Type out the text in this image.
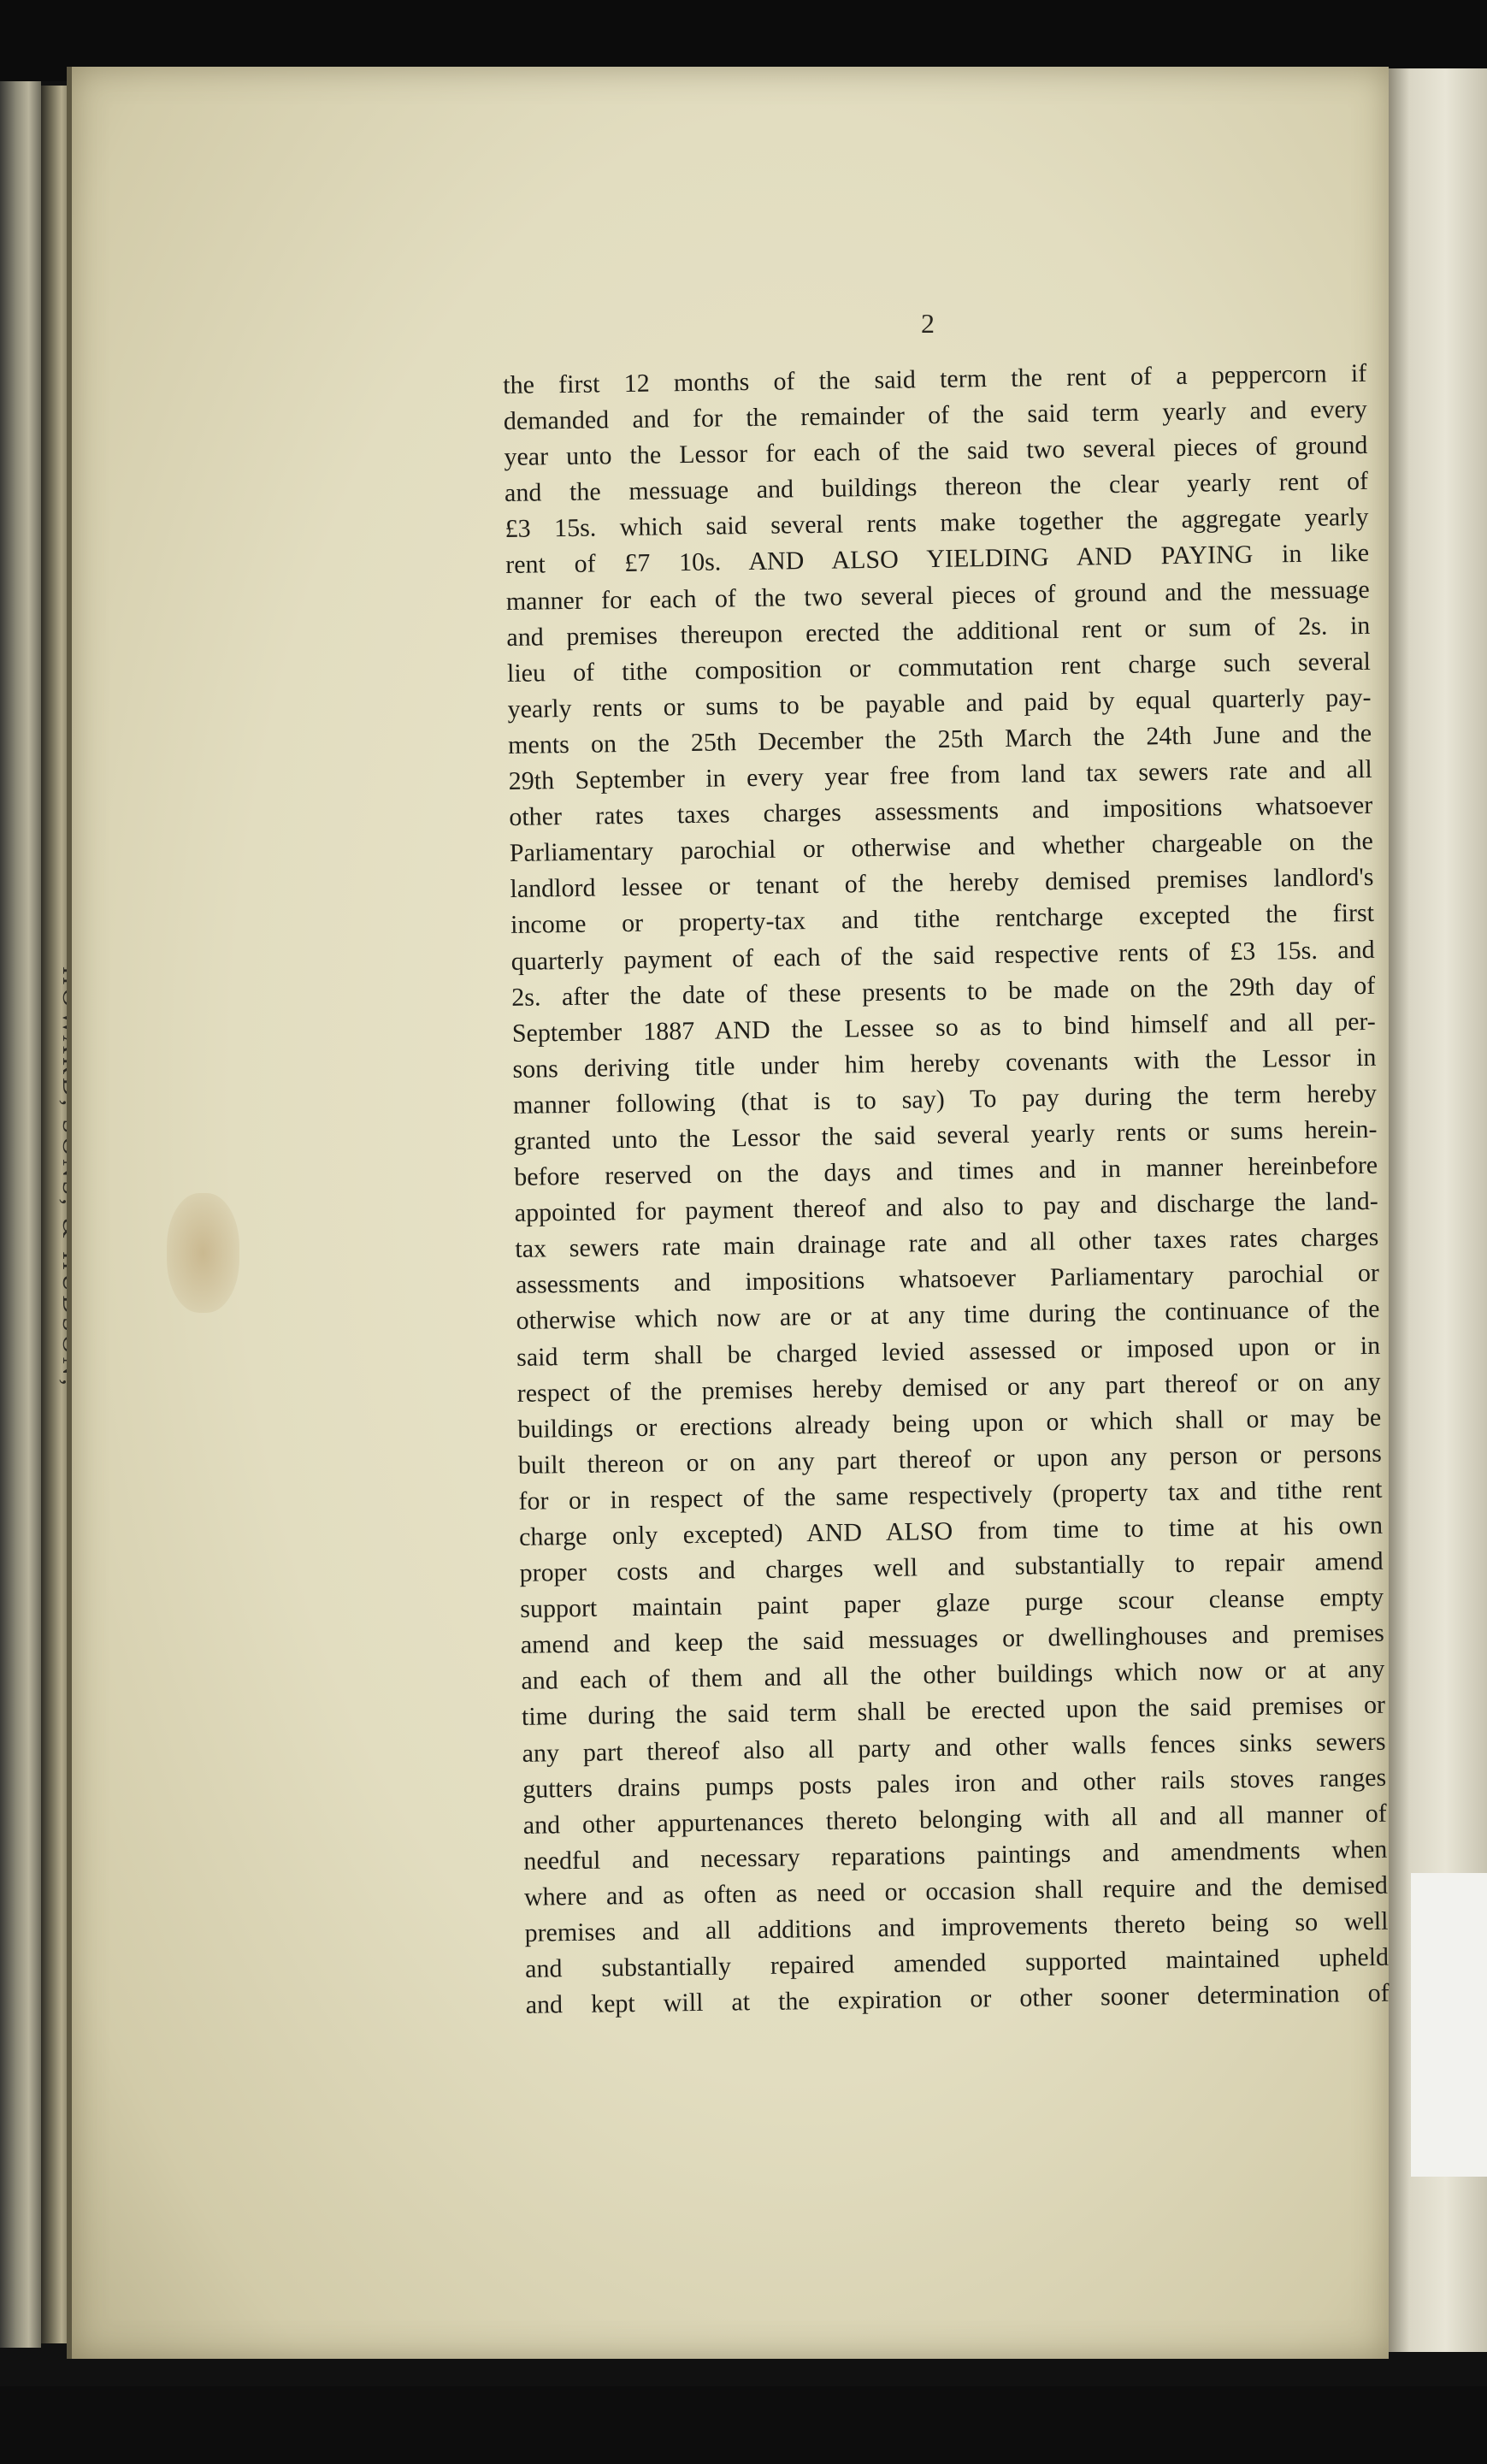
2
the first 12 months of the said term the rent of a peppercorn if
demanded and for the remainder of the said term yearly and every
year unto the Lessor for each of the said two several pieces of ground
and the messuage and buildings thereon the clear yearly rent of
£3 15s. which said several rents make together the aggregate yearly
rent of £7 10s. AND ALSO YIELDING AND PAYING in like
manner for each of the two several pieces of ground and the messuage
and premises thereupon erected the additional rent or sum of 2s. in
lieu of tithe composition or commutation rent charge such several
yearly rents or sums to be payable and paid by equal quarterly pay-
ments on the 25th December the 25th March the 24th June and the
29th September in every year free from land tax sewers rate and all
other rates taxes charges assessments and impositions whatsoever
Parliamentary parochial or otherwise and whether chargeable on the
landlord lessee or tenant of the hereby demised premises landlord's
income or property-tax and tithe rentcharge excepted the first
quarterly payment of each of the said respective rents of £3 15s. and
2s. after the date of these presents to be made on the 29th day of
September 1887 AND the Lessee so as to bind himself and all per-
sons deriving title under him hereby covenants with the Lessor in
manner following (that is to say) To pay during the term hereby
granted unto the Lessor the said several yearly rents or sums herein-
before reserved on the days and times and in manner hereinbefore
appointed for payment thereof and also to pay and discharge the land-
tax sewers rate main drainage rate and all other taxes rates charges
assessments and impositions whatsoever Parliamentary parochial or
otherwise which now are or at any time during the continuance of the
said term shall be charged levied assessed or imposed upon or in
respect of the premises hereby demised or any part thereof or on any
buildings or erections already being upon or which shall or may be
built thereon or on any part thereof or upon any person or persons
for or in respect of the same respectively (property tax and tithe rent
charge only excepted) AND ALSO from time to time at his own
proper costs and charges well and substantially to repair amend
support maintain paint paper glaze purge scour cleanse empty
amend and keep the said messuages or dwellinghouses and premises
and each of them and all the other buildings which now or at any
time during the said term shall be erected upon the said premises or
any part thereof also all party and other walls fences sinks sewers
gutters drains pumps posts pales iron and other rails stoves ranges
and other appurtenances thereto belonging with all and all manner of
needful and necessary reparations paintings and amendments when
where and as often as need or occasion shall require and the demised
premises and all additions and improvements thereto being so well
and substantially repaired amended supported maintained upheld
and kept will at the expiration or other sooner determination of
